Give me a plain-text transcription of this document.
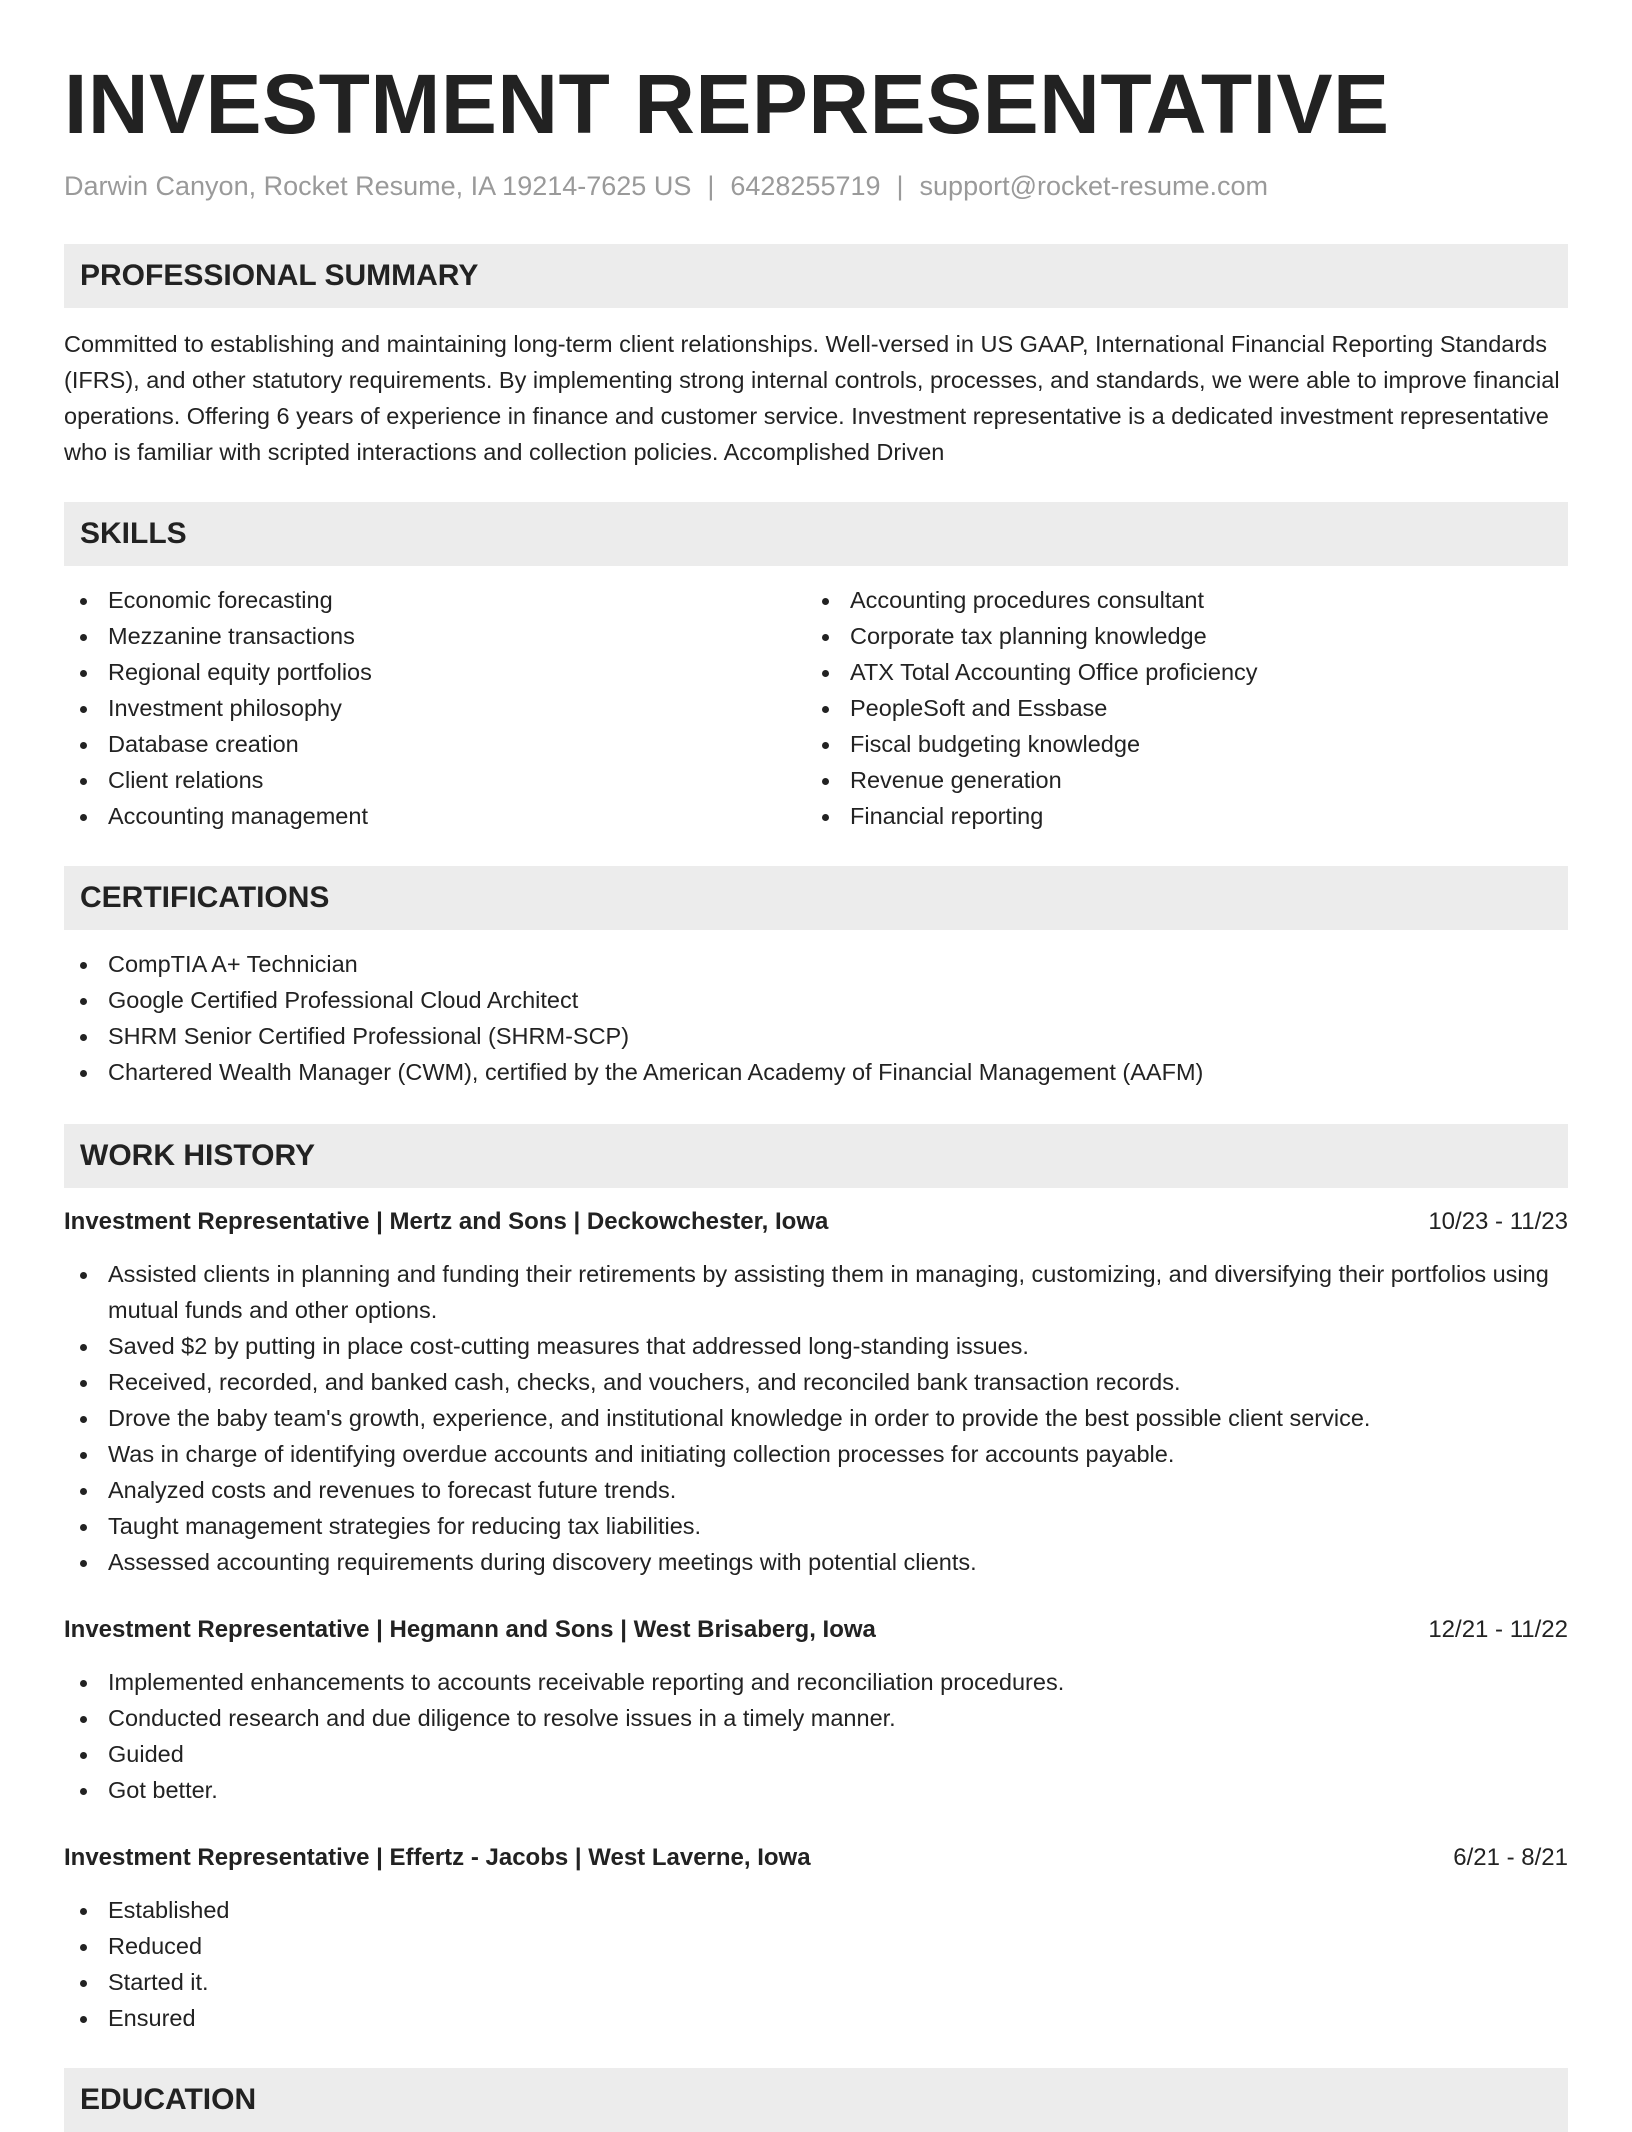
INVESTMENT REPRESENTATIVE
Darwin Canyon, Rocket Resume, IA 19214-7625 US | 6428255719 | support@rocket-resume.com
PROFESSIONAL SUMMARY

Committed to establishing and maintaining long-term client relationships. Well-versed in US GAAP, International Financial Reporting Standards (IFRS), and other statutory requirements. By implementing strong internal controls, processes, and standards, we were able to improve financial operations. Offering 6 years of experience in finance and customer service. Investment representative is a dedicated investment representative who is familiar with scripted interactions and collection policies. Accomplished Driven

SKILLS
Economic forecasting
Mezzanine transactions
Regional equity portfolios
Investment philosophy
Database creation
Client relations
Accounting management
Accounting procedures consultant
Corporate tax planning knowledge
ATX Total Accounting Office proficiency
PeopleSoft and Essbase
Fiscal budgeting knowledge
Revenue generation
Financial reporting
CERTIFICATIONS
CompTIA A+ Technician
Google Certified Professional Cloud Architect
SHRM Senior Certified Professional (SHRM-SCP)
Chartered Wealth Manager (CWM), certified by the American Academy of Financial Management (AAFM)
WORK HISTORY
Investment Representative | Mertz and Sons | Deckowchester, Iowa	10/23 - 11/23
Assisted clients in planning and funding their retirements by assisting them in managing, customizing, and diversifying their portfolios using mutual funds and other options.
Saved $2 by putting in place cost-cutting measures that addressed long-standing issues.
Received, recorded, and banked cash, checks, and vouchers, and reconciled bank transaction records.
Drove the baby team's growth, experience, and institutional knowledge in order to provide the best possible client service.
Was in charge of identifying overdue accounts and initiating collection processes for accounts payable.
Analyzed costs and revenues to forecast future trends.
Taught management strategies for reducing tax liabilities.
Assessed accounting requirements during discovery meetings with potential clients.
Investment Representative | Hegmann and Sons | West Brisaberg, Iowa	12/21 - 11/22
Implemented enhancements to accounts receivable reporting and reconciliation procedures.
Conducted research and due diligence to resolve issues in a timely manner.
Guided
Got better.
Investment Representative | Effertz - Jacobs | West Laverne, Iowa	6/21 - 8/21
Established
Reduced
Started it.
Ensured
EDUCATION
